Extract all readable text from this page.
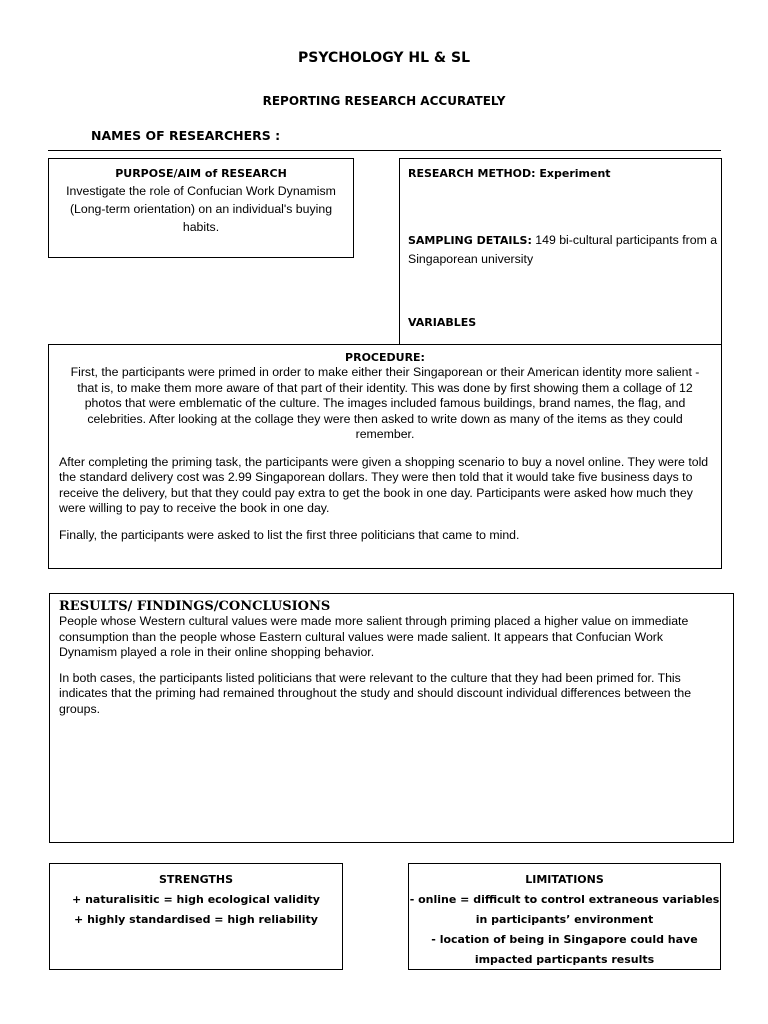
PSYCHOLOGY HL & SL
REPORTING RESEARCH ACCURATELY
NAMES OF RESEARCHERS :
PURPOSE/AIM of RESEARCH
Investigate the role of Confucian Work Dynamism (Long-term orientation) on an individual's buying habits.
RESEARCH METHOD: Experiment
SAMPLING DETAILS: 149 bi-cultural participants from a Singaporean university
VARIABLES
PROCEDURE:
First, the participants were primed in order to make either their Singaporean or their American identity more salient - that is, to make them more aware of that part of their identity. This was done by first showing them a collage of 12 photos that were emblematic of the culture. The images included famous buildings, brand names, the flag, and celebrities. After looking at the collage they were then asked to write down as many of the items as they could remember.
After completing the priming task, the participants were given a shopping scenario to buy a novel online. They were told the standard delivery cost was 2.99 Singaporean dollars. They were then told that it would take five business days to receive the delivery, but that they could pay extra to get the book in one day. Participants were asked how much they were willing to pay to receive the book in one day.
Finally, the participants were asked to list the first three politicians that came to mind.
RESULTS/ FINDINGS/CONCLUSIONS
People whose Western cultural values were made more salient through priming placed a higher value on immediate consumption than the people whose Eastern cultural values were made salient. It appears that Confucian Work Dynamism played a role in their online shopping behavior.
In both cases, the participants listed politicians that were relevant to the culture that they had been primed for. This indicates that the priming had remained throughout the study and should discount individual differences between the groups.
STRENGTHS
+ naturalisitic = high ecological validity
+ highly standardised = high reliability
LIMITATIONS
- online = difficult to control extraneous variables in participants’ environment
- location of being in Singapore could have impacted particpants results
